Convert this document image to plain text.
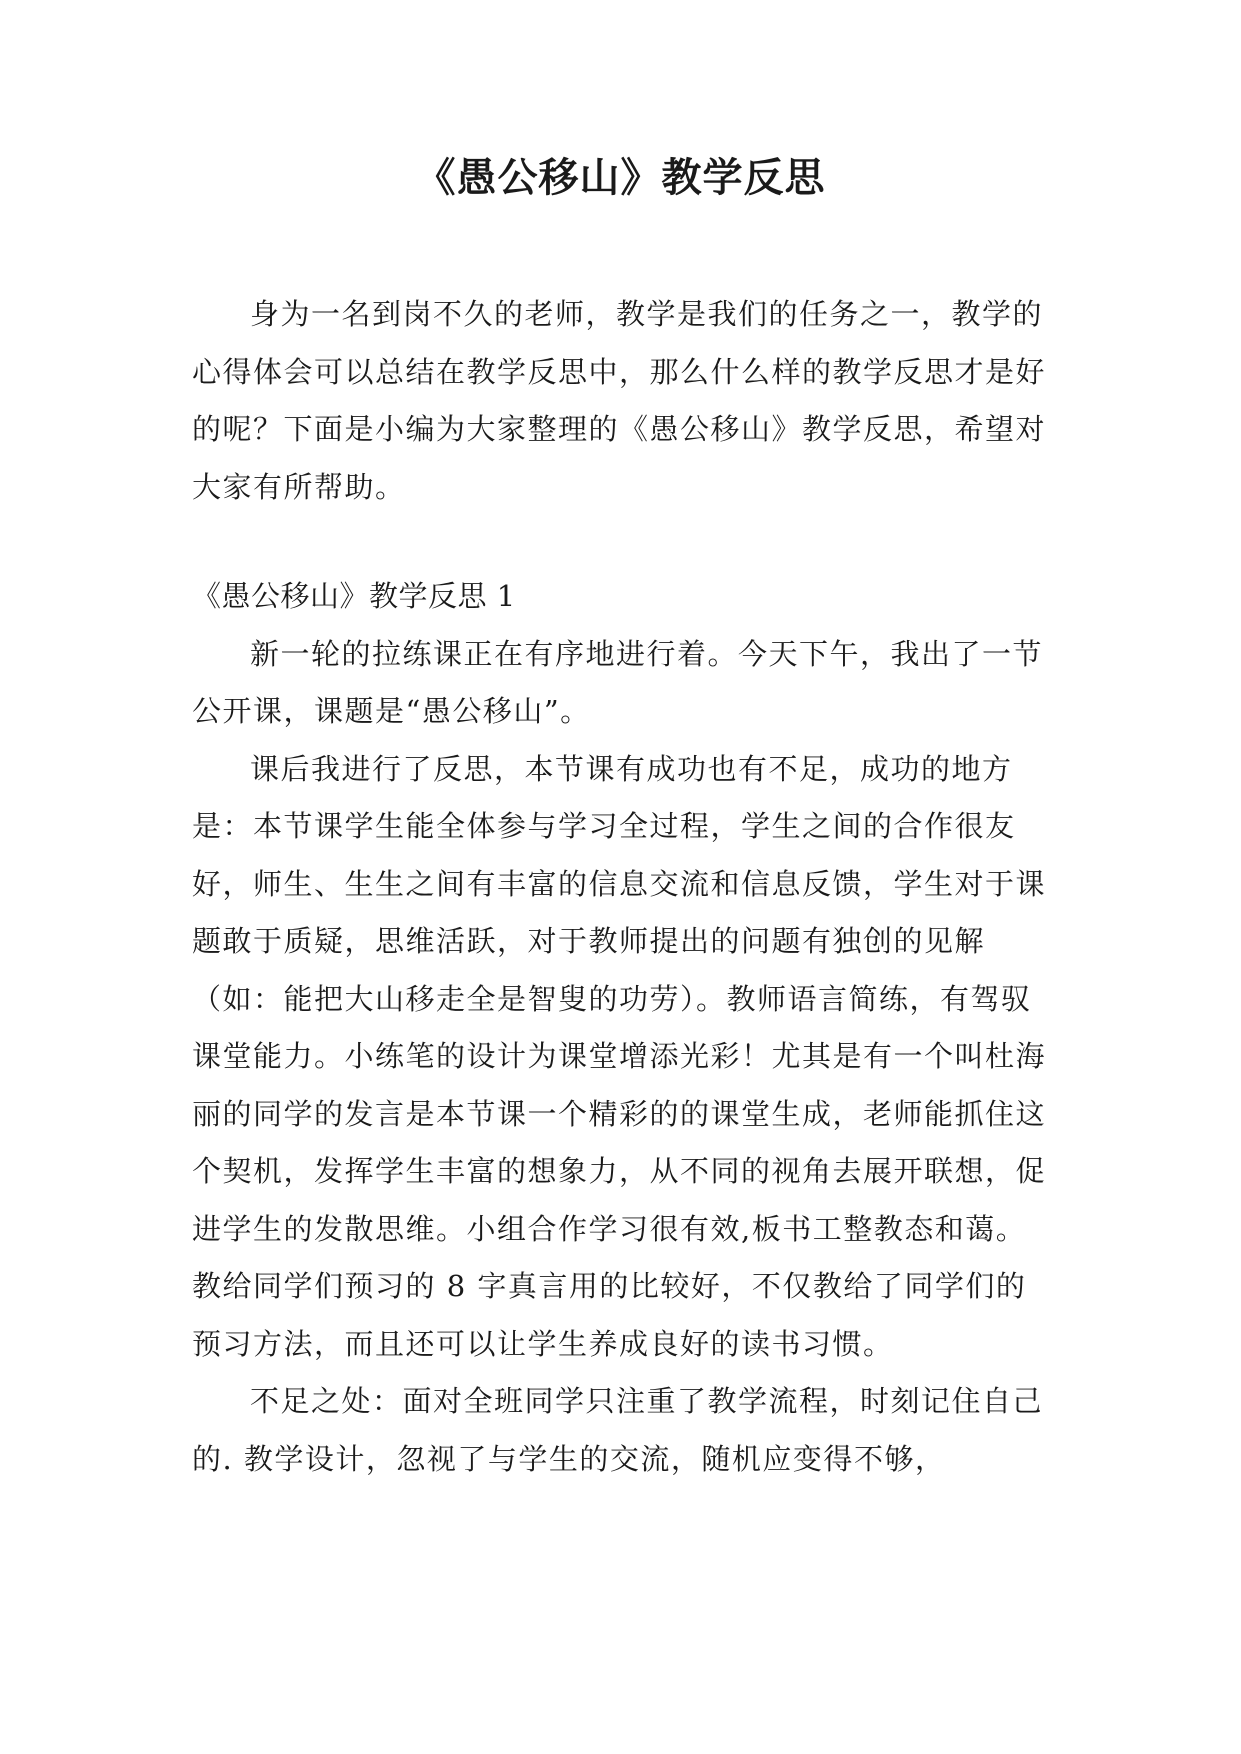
《愚公移山》教学反思

身为一名到岗不久的老师，教学是我们的任务之一，教学的心得体会可以总结在教学反思中，那么什么样的教学反思才是好的呢？下面是小编为大家整理的《愚公移山》教学反思，希望对大家有所帮助。

《愚公移山》教学反思 1

新一轮的拉练课正在有序地进行着。今天下午，我出了一节公开课，课题是“愚公移山”。

课后我进行了反思，本节课有成功也有不足，成功的地方是：本节课学生能全体参与学习全过程，学生之间的合作很友好，师生、生生之间有丰富的信息交流和信息反馈，学生对于课题敢于质疑，思维活跃，对于教师提出的问题有独创的见解（如：能把大山移走全是智叟的功劳）。教师语言简练，有驾驭课堂能力。小练笔的设计为课堂增添光彩！尤其是有一个叫杜海丽的同学的发言是本节课一个精彩的的课堂生成，老师能抓住这个契机，发挥学生丰富的想象力，从不同的视角去展开联想，促进学生的发散思维。小组合作学习很有效,板书工整教态和蔼。教给同学们预习的 8 字真言用的比较好，不仅教给了同学们的预习方法，而且还可以让学生养成良好的读书习惯。

不足之处：面对全班同学只注重了教学流程，时刻记住自己的. 教学设计，忽视了与学生的交流，随机应变得不够，
